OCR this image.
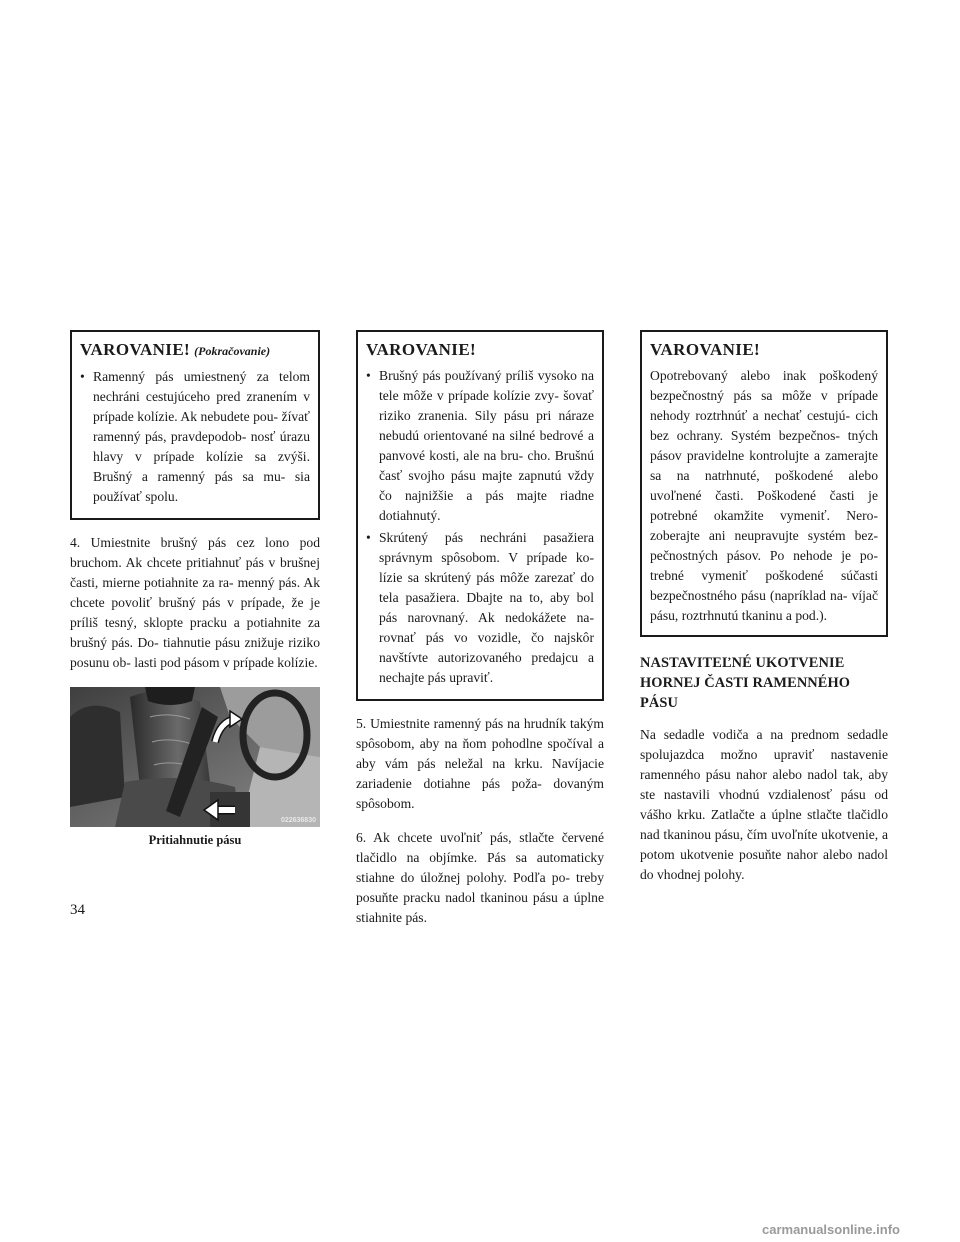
VAROVANIE! (Pokračovanie)
• Ramenný pás umiestnený za telom nechráni cestujúceho pred zranením v prípade kolízie. Ak nebudete pou- žívať ramenný pás, pravdepodob- nosť úrazu hlavy v prípade kolízie sa zvýši. Brušný a ramenný pás sa mu- sia používať spolu.

4. Umiestnite brušný pás cez lono pod bruchom. Ak chcete pritiahnuť pás v brušnej časti, mierne potiahnite za ra- menný pás. Ak chcete povoliť brušný pás v prípade, že je príliš tesný, sklopte pracku a potiahnite za brušný pás. Do- tiahnutie pásu znižuje riziko posunu ob- lasti pod pásom v prípade kolízie.

022636830
Pritiahnutie pásu
VAROVANIE!
• Brušný pás používaný príliš vysoko na tele môže v prípade kolízie zvy- šovať riziko zranenia. Sily pásu pri náraze nebudú orientované na silné bedrové a panvové kosti, ale na bru- cho. Brušnú časť svojho pásu majte zapnutú vždy čo najnižšie a pás majte riadne dotiahnutý.
• Skrútený pás nechráni pasažiera správnym spôsobom. V prípade ko- lízie sa skrútený pás môže zarezať do tela pasažiera. Dbajte na to, aby bol pás narovnaný. Ak nedokážete na- rovnať pás vo vozidle, čo najskôr navštívte autorizovaného predajcu a nechajte pás upraviť.

5. Umiestnite ramenný pás na hrudník takým spôsobom, aby na ňom pohodlne spočíval a aby vám pás neležal na krku. Navíjacie zariadenie dotiahne pás poža- dovaným spôsobom.

6. Ak chcete uvoľniť pás, stlačte červené tlačidlo na objímke. Pás sa automaticky stiahne do úložnej polohy. Podľa po- treby posuňte pracku nadol tkaninou pásu a úplne stiahnite pás.

VAROVANIE!

Opotrebovaný alebo inak poškodený bezpečnostný pás sa môže v prípade nehody roztrhnúť a nechať cestujú- cich bez ochrany. Systém bezpečnos- tných pásov pravidelne kontrolujte a zamerajte sa na natrhnuté, poškodené alebo uvoľnené časti. Poškodené časti je potrebné okamžite vymeniť. Nero- zoberajte ani neupravujte systém bez- pečnostných pásov. Po nehode je po- trebné vymeniť poškodené súčasti bezpečnostného pásu (napríklad na- víjač pásu, roztrhnutú tkaninu a pod.).

NASTAVITEĽNÉ UKOTVENIE HORNEJ ČASTI RAMENNÉHO PÁSU

Na sedadle vodiča a na prednom sedadle spolujazdca možno upraviť nastavenie ramenného pásu nahor alebo nadol tak, aby ste nastavili vhodnú vzdialenosť pásu od vášho krku. Zatlačte a úplne stlačte tlačidlo nad tkaninou pásu, čím uvoľníte ukotvenie, a potom ukotvenie posuňte nahor alebo nadol do vhodnej polohy.

34
carmanualsonline.info
